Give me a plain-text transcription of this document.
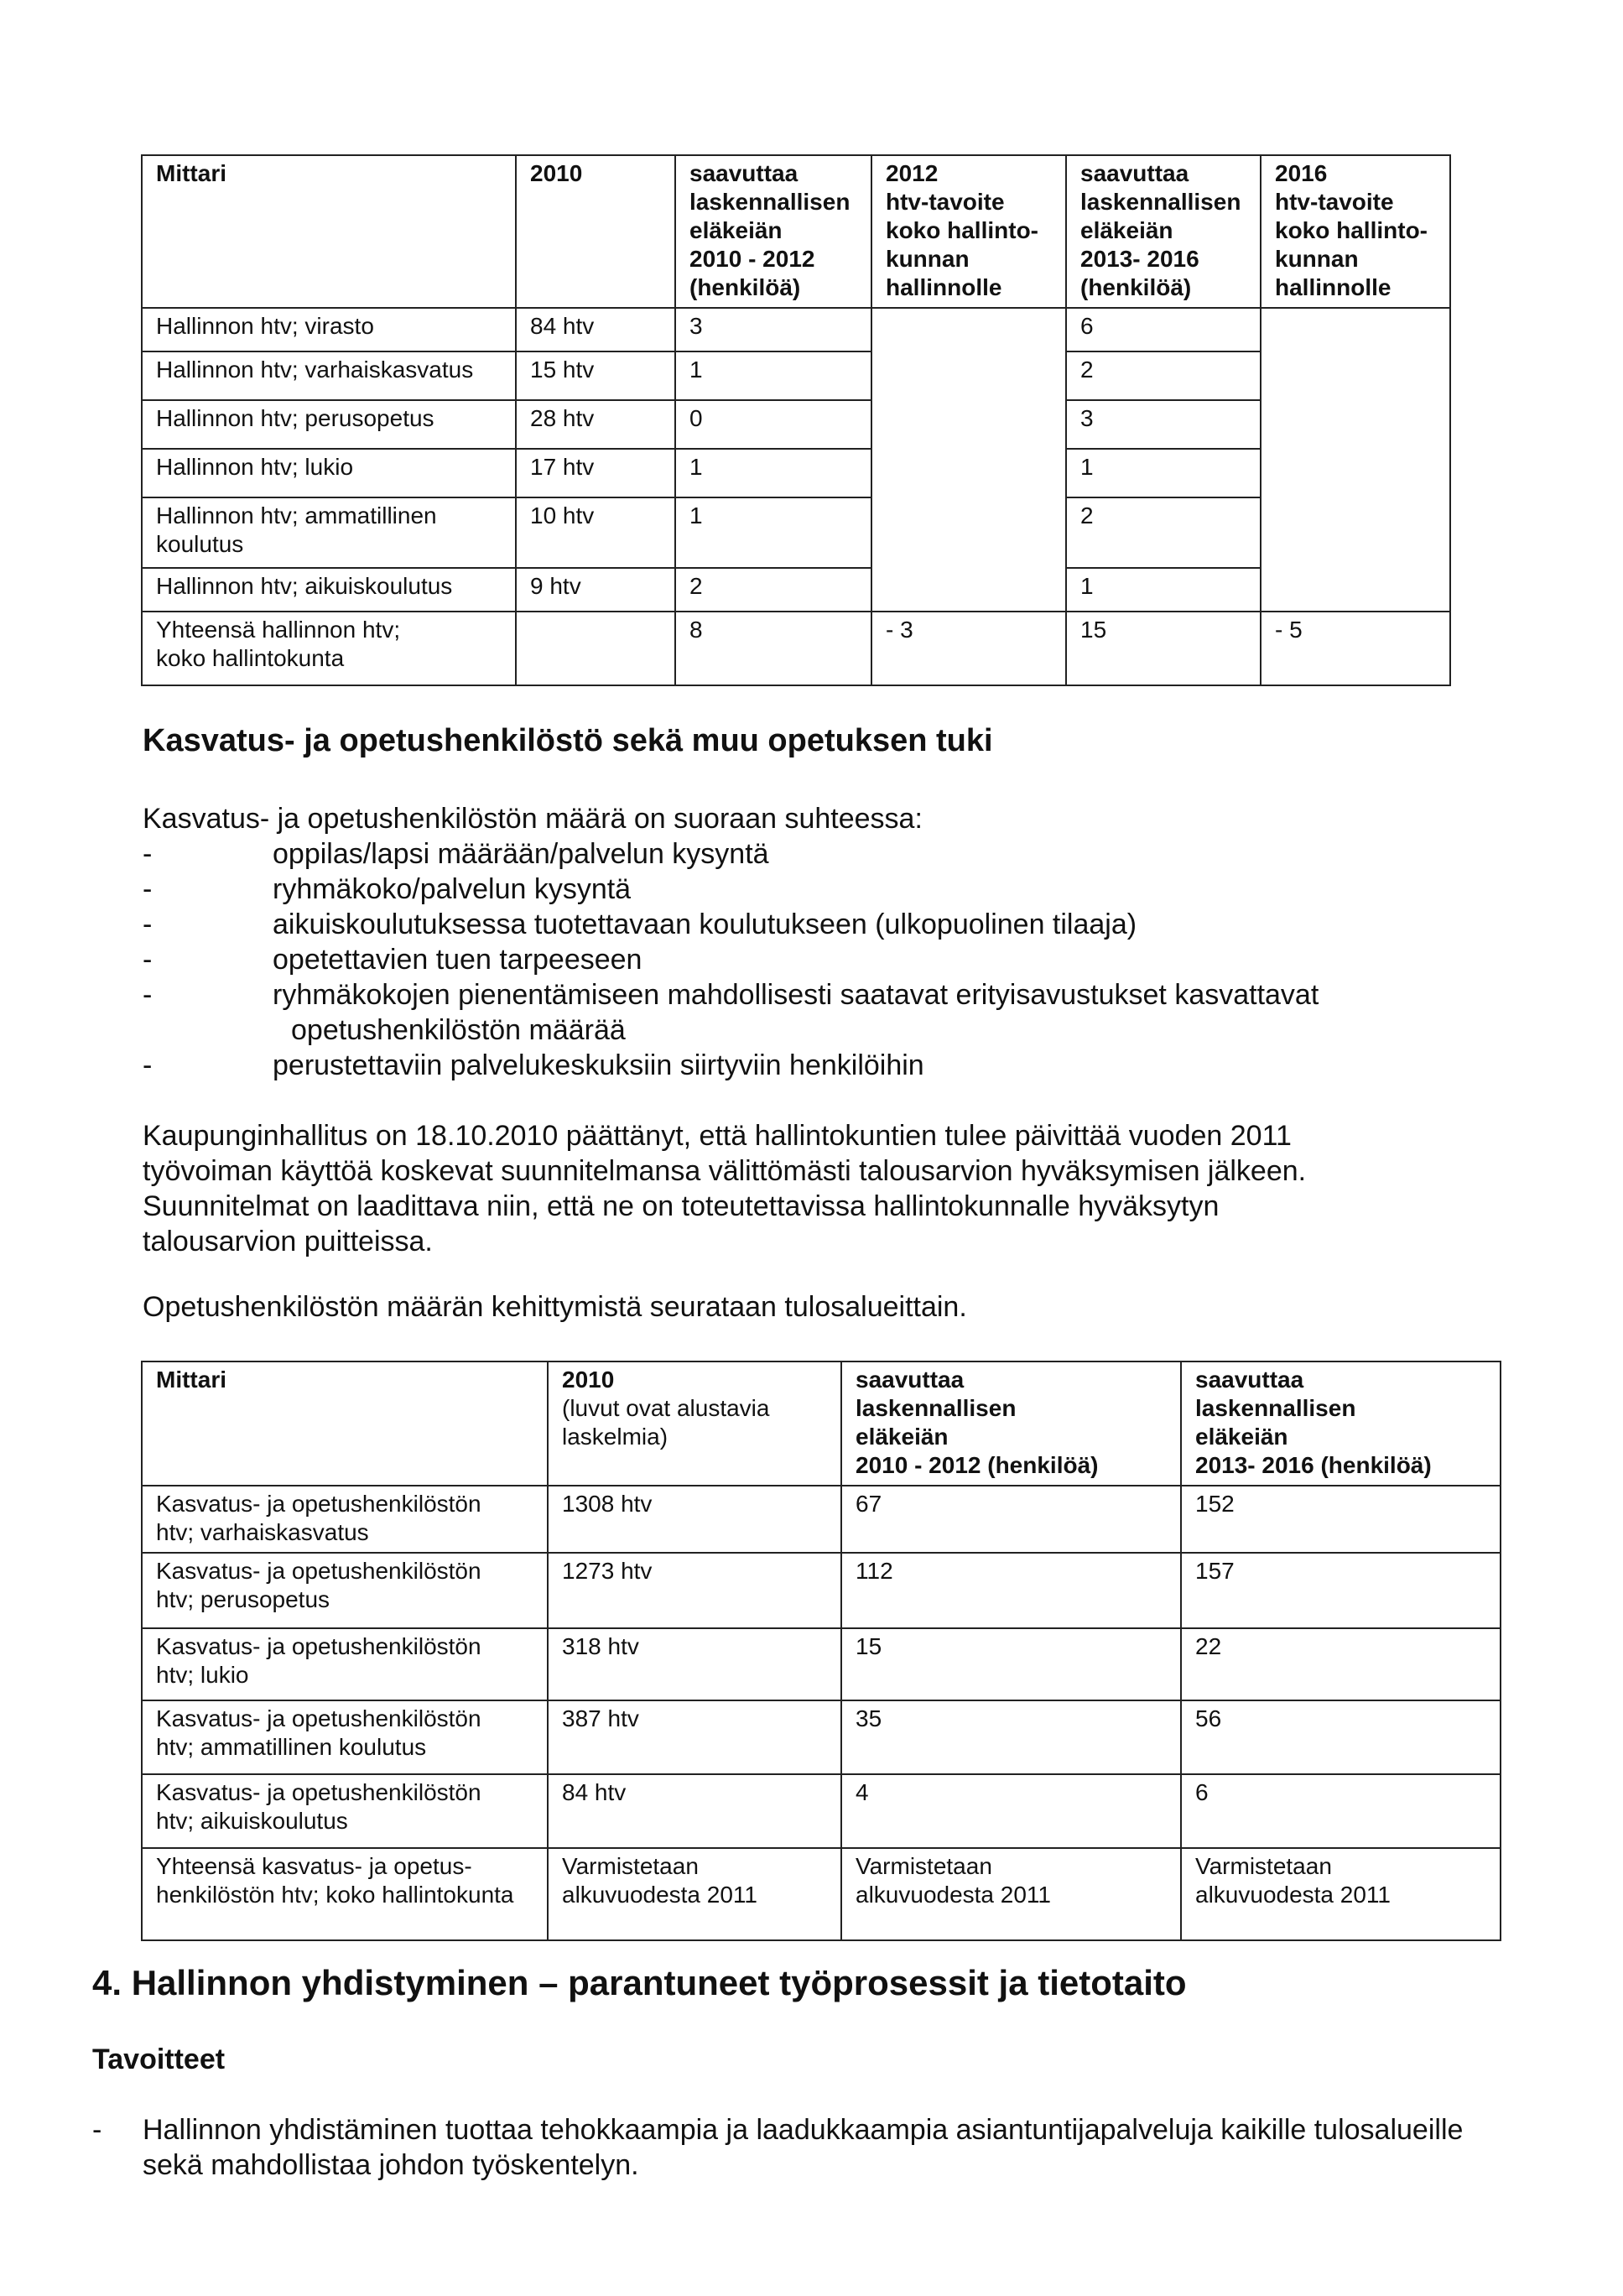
Mittari	2010	saavuttaa
laskennallisen
eläkeiän
2010 - 2012
(henkilöä)	2012
htv-tavoite
koko hallinto-
kunnan
hallinnolle	saavuttaa
laskennallisen
eläkeiän
2013- 2016
(henkilöä)	2016
htv-tavoite
koko hallinto-
kunnan
hallinnolle
Hallinnon htv; virasto	84 htv	3		6	
Hallinnon htv; varhaiskasvatus	15 htv	1		2	
Hallinnon htv; perusopetus	28 htv	0		3	
Hallinnon htv; lukio	17 htv	1		1	
Hallinnon htv; ammatillinen
koulutus	10 htv	1		2	
Hallinnon htv; aikuiskoulutus	9 htv	2		1	
Yhteensä hallinnon htv;
koko hallintokunta		8	- 3	15	- 5
Kasvatus- ja opetushenkilöstö sekä muu opetuksen tuki

Kasvatus- ja opetushenkilöstön määrä on suoraan suhteessa:

-	oppilas/lapsi määrään/palvelun kysyntä
-	ryhmäkoko/palvelun kysyntä
-	aikuiskoulutuksessa tuotettavaan koulutukseen (ulkopuolinen tilaaja)
-	opetettavien tuen tarpeeseen
-	ryhmäkokojen pienentämiseen mahdollisesti saatavat erityisavustukset kasvattavat
opetushenkilöstön määrää
-	perustettaviin palvelukeskuksiin siirtyviin henkilöihin

Kaupunginhallitus on 18.10.2010 päättänyt, että hallintokuntien tulee päivittää vuoden 2011
työvoiman käyttöä koskevat suunnitelmansa välittömästi talousarvion hyväksymisen jälkeen.
Suunnitelmat on laadittava niin, että ne on toteutettavissa hallintokunnalle hyväksytyn
talousarvion puitteissa.

Opetushenkilöstön määrän kehittymistä seurataan tulosalueittain.

Mittari	2010
(luvut ovat alustavia
laskelmia)	saavuttaa
laskennallisen
eläkeiän
2010 - 2012 (henkilöä)	saavuttaa
laskennallisen
eläkeiän
2013- 2016 (henkilöä)
Kasvatus- ja opetushenkilöstön
htv; varhaiskasvatus	1308 htv	67	152
Kasvatus- ja opetushenkilöstön
htv; perusopetus	1273 htv	112	157
Kasvatus- ja opetushenkilöstön
htv; lukio	318 htv	15	22
Kasvatus- ja opetushenkilöstön
htv; ammatillinen koulutus	387 htv	35	56
Kasvatus- ja opetushenkilöstön
htv; aikuiskoulutus	84 htv	4	6
Yhteensä kasvatus- ja opetus-
henkilöstön htv; koko hallintokunta	Varmistetaan
alkuvuodesta 2011	Varmistetaan
alkuvuodesta 2011	Varmistetaan
alkuvuodesta 2011
4. Hallinnon yhdistyminen – parantuneet työprosessit ja tietotaito
Tavoitteet
- Hallinnon yhdistäminen tuottaa tehokkaampia ja laadukkaampia asiantuntijapalveluja kaikille tulosalueille
sekä mahdollistaa johdon työskentelyn.
